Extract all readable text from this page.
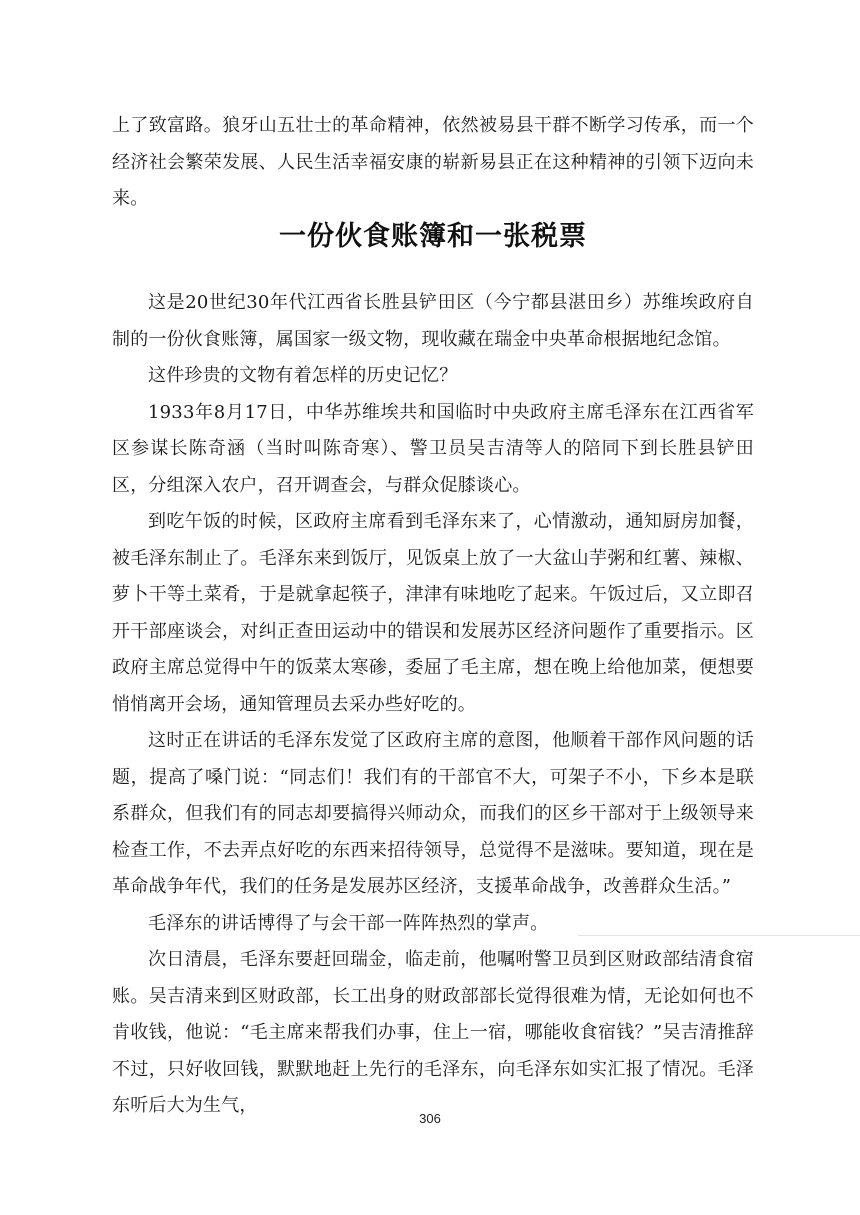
上了致富路。狼牙山五壮士的革命精神，依然被易县干群不断学习传承，而一个经济社会繁荣发展、人民生活幸福安康的崭新易县正在这种精神的引领下迈向未来。

一份伙食账簿和一张税票

这是20世纪30年代江西省长胜县铲田区（今宁都县湛田乡）苏维埃政府自制的一份伙食账簿，属国家一级文物，现收藏在瑞金中央革命根据地纪念馆。

这件珍贵的文物有着怎样的历史记忆？

1933年8月17日，中华苏维埃共和国临时中央政府主席毛泽东在江西省军区参谋长陈奇涵（当时叫陈奇寒）、警卫员吴吉清等人的陪同下到长胜县铲田区，分组深入农户，召开调查会，与群众促膝谈心。

到吃午饭的时候，区政府主席看到毛泽东来了，心情激动，通知厨房加餐，被毛泽东制止了。毛泽东来到饭厅，见饭桌上放了一大盆山芋粥和红薯、辣椒、萝卜干等土菜肴，于是就拿起筷子，津津有味地吃了起来。午饭过后，又立即召开干部座谈会，对纠正查田运动中的错误和发展苏区经济问题作了重要指示。区政府主席总觉得中午的饭菜太寒碜，委屈了毛主席，想在晚上给他加菜，便想要悄悄离开会场，通知管理员去采办些好吃的。

这时正在讲话的毛泽东发觉了区政府主席的意图，他顺着干部作风问题的话题，提高了嗓门说：“同志们！我们有的干部官不大，可架子不小，下乡本是联系群众，但我们有的同志却要搞得兴师动众，而我们的区乡干部对于上级领导来检查工作，不去弄点好吃的东西来招待领导，总觉得不是滋味。要知道，现在是革命战争年代，我们的任务是发展苏区经济，支援革命战争，改善群众生活。”

毛泽东的讲话博得了与会干部一阵阵热烈的掌声。

次日清晨，毛泽东要赶回瑞金，临走前，他嘱咐警卫员到区财政部结清食宿账。吴吉清来到区财政部，长工出身的财政部部长觉得很难为情，无论如何也不肯收钱，他说：“毛主席来帮我们办事，住上一宿，哪能收食宿钱？”吴吉清推辞不过，只好收回钱，默默地赶上先行的毛泽东，向毛泽东如实汇报了情况。毛泽东听后大为生气，

306
